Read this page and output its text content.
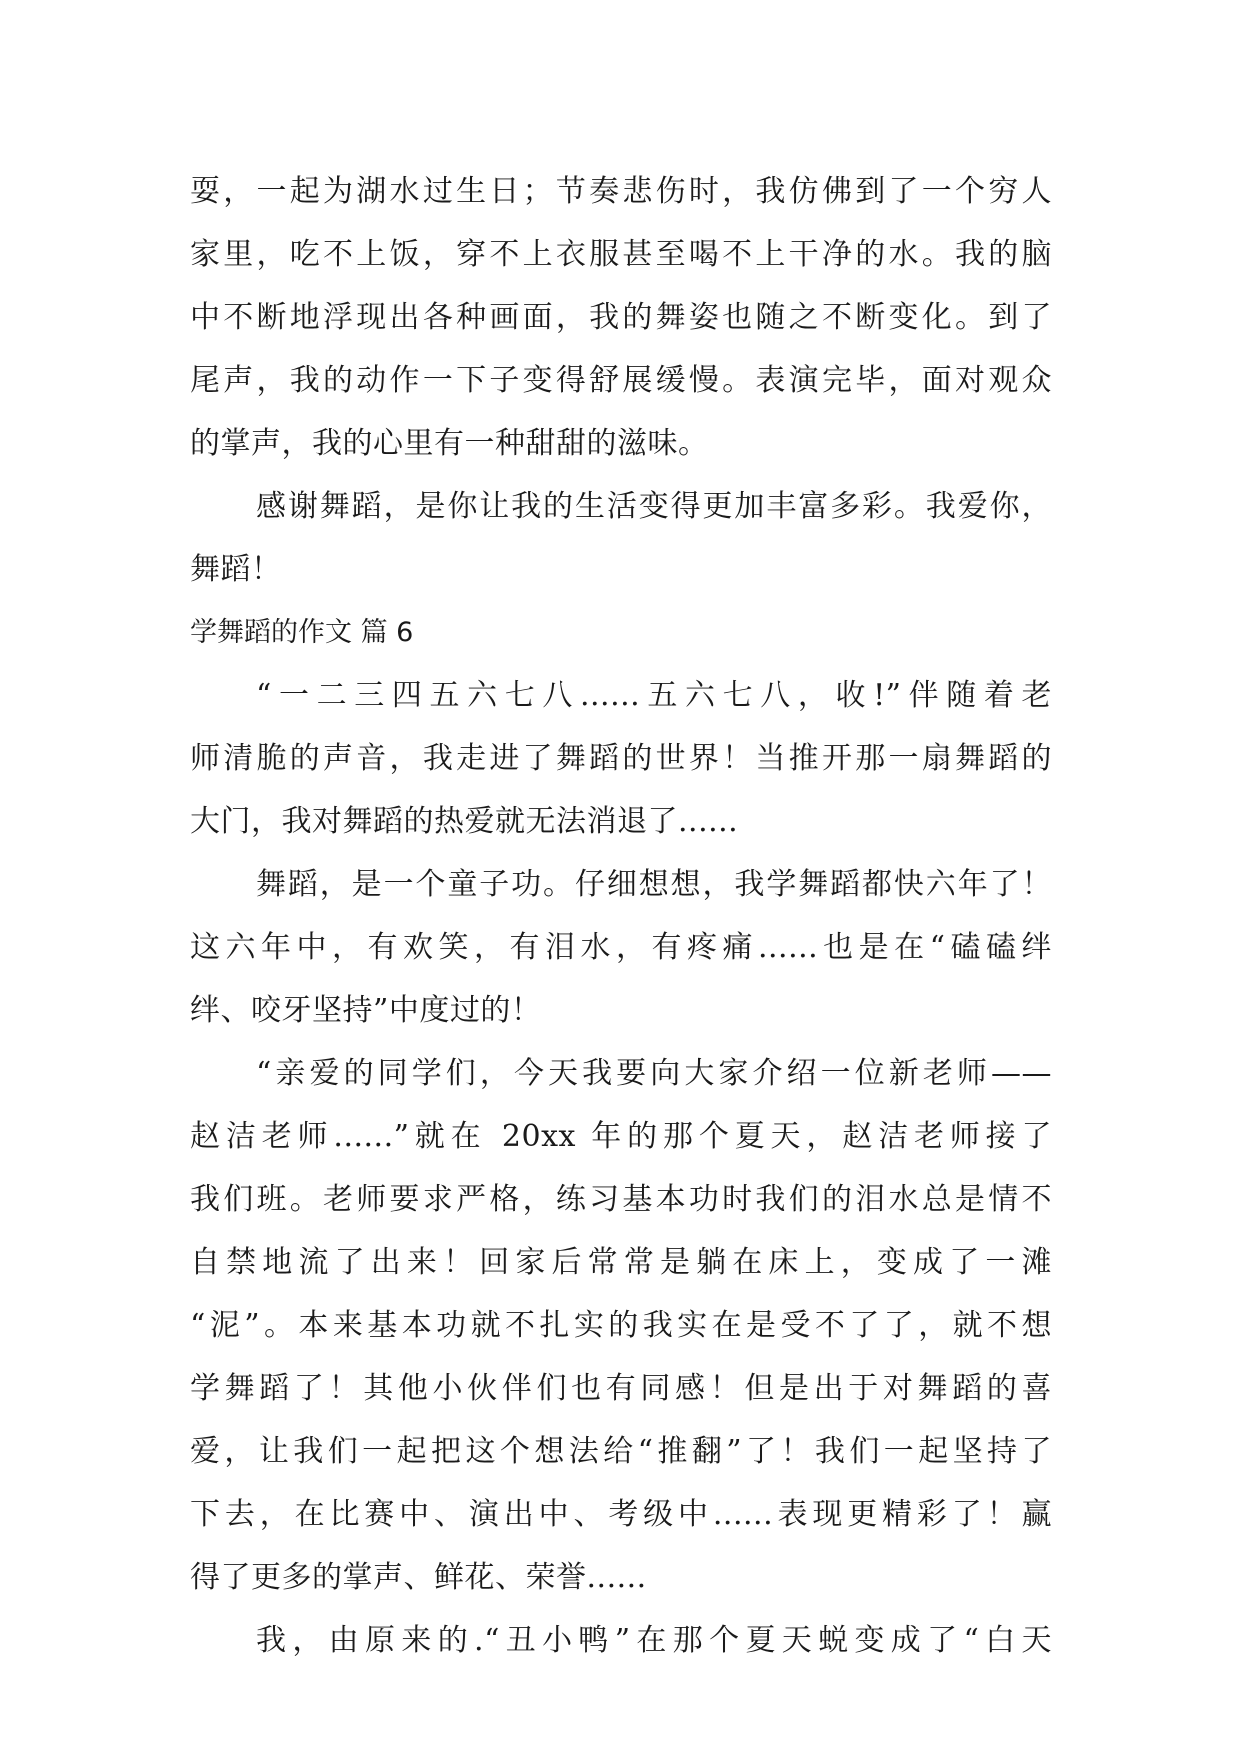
耍，一起为湖水过生日；节奏悲伤时，我仿佛到了一个穷人
家里，吃不上饭，穿不上衣服甚至喝不上干净的水。我的脑
中不断地浮现出各种画面，我的舞姿也随之不断变化。到了
尾声，我的动作一下子变得舒展缓慢。表演完毕，面对观众
的掌声，我的心里有一种甜甜的滋味。
感谢舞蹈，是你让我的生活变得更加丰富多彩。我爱你，
舞蹈！
学舞蹈的作文 篇 6
“一二三四五六七八......五六七八，收!”伴随着老
师清脆的声音，我走进了舞蹈的世界！当推开那一扇舞蹈的
大门，我对舞蹈的热爱就无法消退了......
舞蹈，是一个童子功。仔细想想，我学舞蹈都快六年了！
这六年中，有欢笑，有泪水，有疼痛......也是在“磕磕绊
绊、咬牙坚持”中度过的！
“亲爱的同学们，今天我要向大家介绍一位新老师——
赵洁老师......”就在 20xx 年的那个夏天，赵洁老师接了
我们班。老师要求严格，练习基本功时我们的泪水总是情不
自禁地流了出来！回家后常常是躺在床上，变成了一滩
“泥”。本来基本功就不扎实的我实在是受不了了，就不想
学舞蹈了！其他小伙伴们也有同感！但是出于对舞蹈的喜
爱，让我们一起把这个想法给“推翻”了！我们一起坚持了
下去，在比赛中、演出中、考级中......表现更精彩了！赢
得了更多的掌声、鲜花、荣誉......
我，由原来的.“丑小鸭”在那个夏天蜕变成了“白天
